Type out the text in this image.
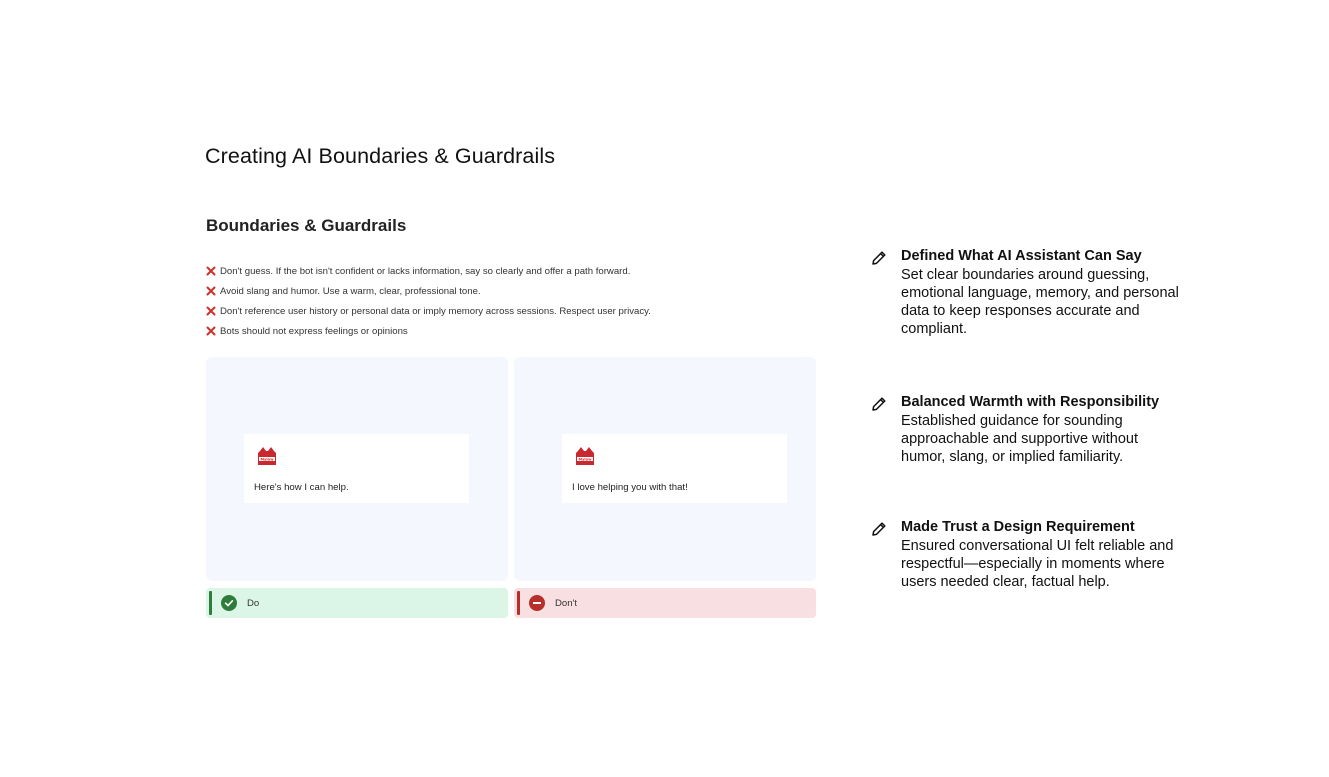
Creating AI Boundaries & Guardrails
Boundaries & Guardrails
Don't guess. If the bot isn't confident or lacks information, say so clearly and offer a path forward.
Avoid slang and humor. Use a warm, clear, professional tone.
Don't reference user history or personal data or imply memory across sessions. Respect user privacy.
Bots should not express feelings or opinions
Mylow
Here's how I can help.
Mylow
I love helping you with that!
Do	Don't
Defined What AI Assistant Can Say
Set clear boundaries around guessing, emotional language, memory, and personal data to keep responses accurate and compliant.
Balanced Warmth with Responsibility
Established guidance for sounding approachable and supportive without humor, slang, or implied familiarity.
Made Trust a Design Requirement
Ensured conversational UI felt reliable and respectful—especially in moments where users needed clear, factual help.
